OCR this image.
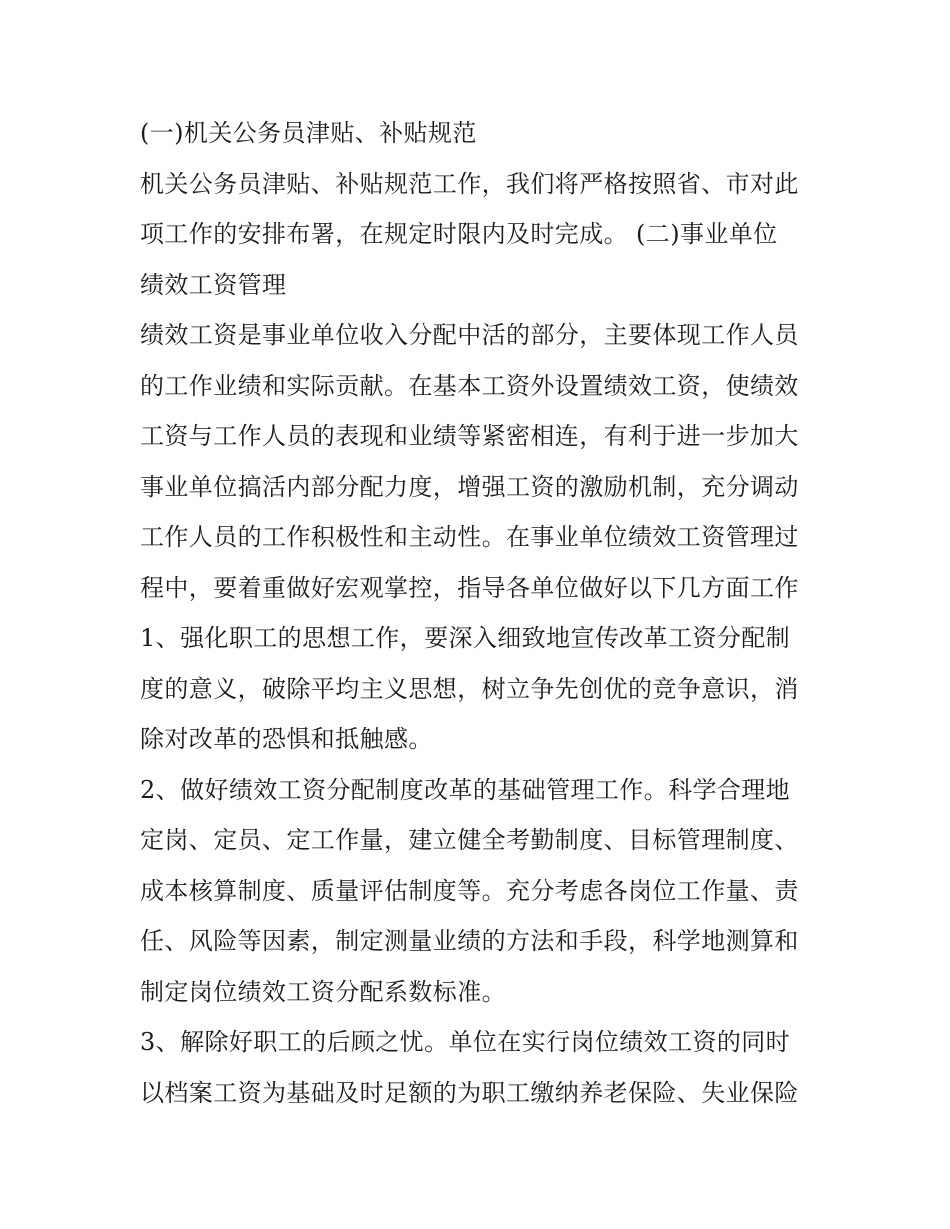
(一)机关公务员津贴、补贴规范
机关公务员津贴、补贴规范工作，我们将严格按照省、市对此
项工作的安排布署，在规定时限内及时完成。 (二)事业单位
绩效工资管理
绩效工资是事业单位收入分配中活的部分，主要体现工作人员
的工作业绩和实际贡献。在基本工资外设置绩效工资，使绩效
工资与工作人员的表现和业绩等紧密相连，有利于进一步加大
事业单位搞活内部分配力度，增强工资的激励机制，充分调动
工作人员的工作积极性和主动性。在事业单位绩效工资管理过
程中，要着重做好宏观掌控，指导各单位做好以下几方面工作
1、强化职工的思想工作，要深入细致地宣传改革工资分配制
度的意义，破除平均主义思想，树立争先创优的竞争意识，消
除对改革的恐惧和抵触感。
2、做好绩效工资分配制度改革的基础管理工作。科学合理地
定岗、定员、定工作量，建立健全考勤制度、目标管理制度、
成本核算制度、质量评估制度等。充分考虑各岗位工作量、责
任、风险等因素，制定测量业绩的方法和手段，科学地测算和
制定岗位绩效工资分配系数标准。
3、解除好职工的后顾之忧。单位在实行岗位绩效工资的同时
以档案工资为基础及时足额的为职工缴纳养老保险、失业保险
